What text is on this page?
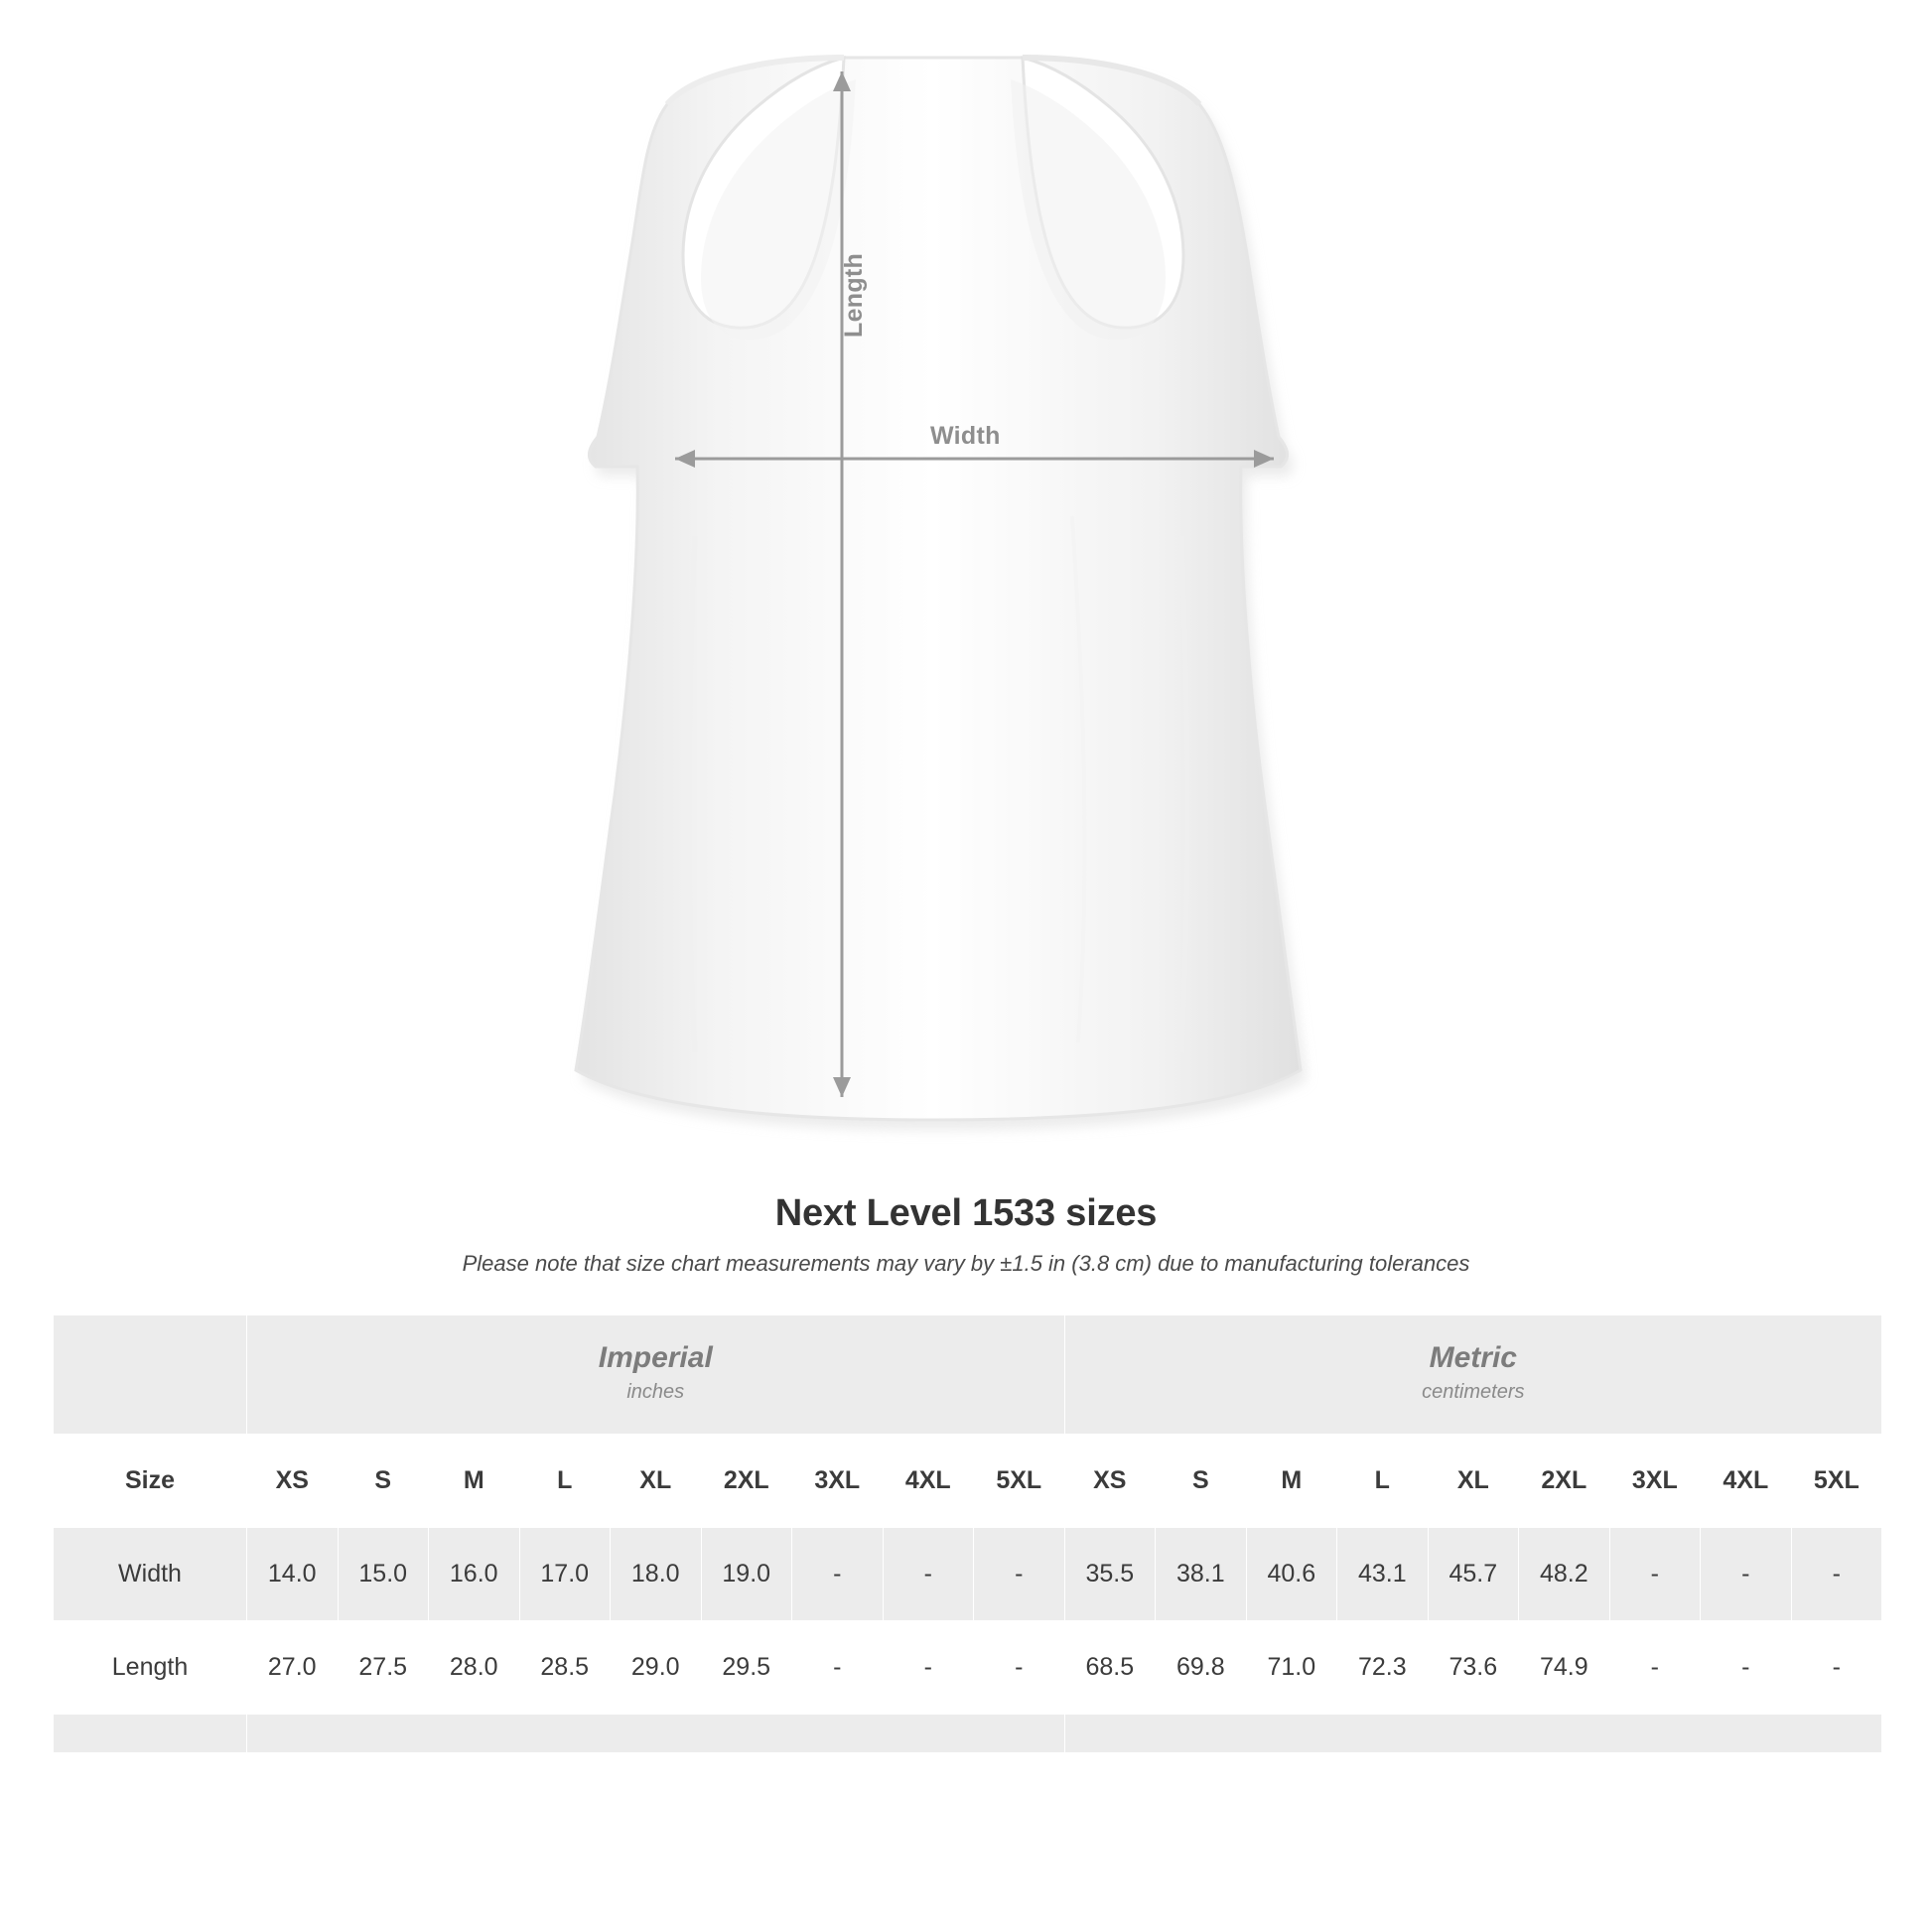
Length
Width
Next Level 1533 sizes
Please note that size chart measurements may vary by ±1.5 in (3.8 cm) due to manufacturing tolerances

Imperial
inches

Metric
centimeters

Size	XS	S	M	L	XL	2XL	3XL	4XL	5XL	XS	S	M	L	XL	2XL	3XL	4XL	5XL
Width	14.0	15.0	16.0	17.0	18.0	19.0	-	-	-	35.5	38.1	40.6	43.1	45.7	48.2	-	-	-
Length	27.0	27.5	28.0	28.5	29.0	29.5	-	-	-	68.5	69.8	71.0	72.3	73.6	74.9	-	-	-
